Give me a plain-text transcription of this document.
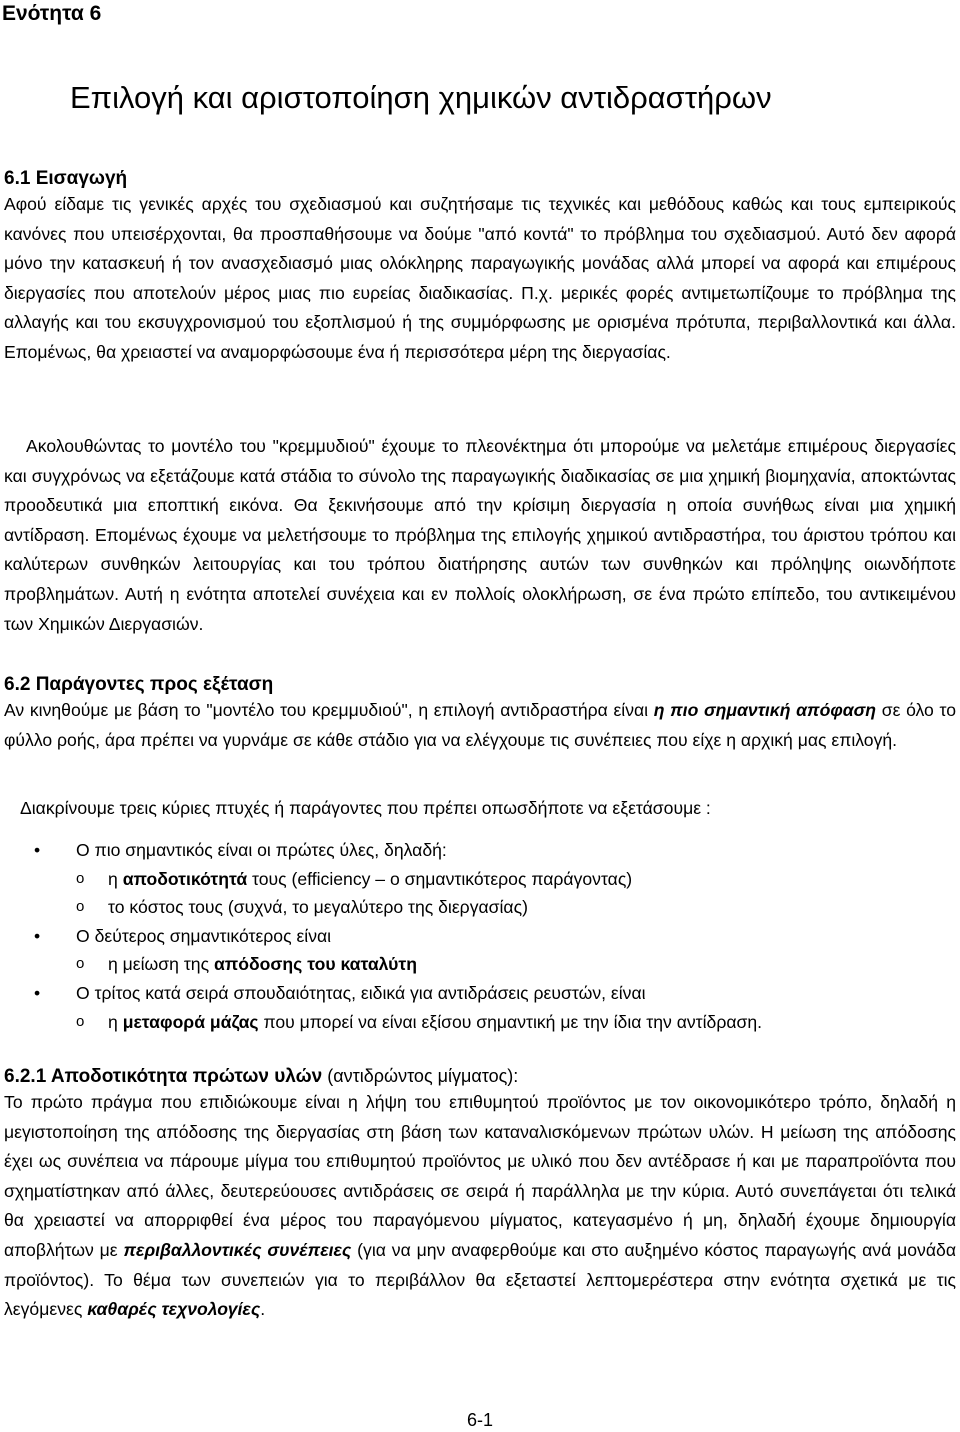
Ενότητα 6
Επιλογή και αριστοποίηση χημικών αντιδραστήρων
6.1 Εισαγωγή

Αφού είδαμε τις γενικές αρχές του σχεδιασμού και συζητήσαμε τις τεχνικές και μεθόδους καθώς και τους εμπειρικούς κανόνες που υπεισέρχονται, θα προσπαθήσουμε να δούμε "από κοντά" το πρόβλημα του σχεδιασμού. Αυτό δεν αφορά μόνο την κατασκευή ή τον ανασχεδιασμό μιας ολόκληρης παραγωγικής μονάδας αλλά μπορεί να αφορά και επιμέρους διεργασίες που αποτελούν μέρος μιας πιο ευρείας διαδικασίας. Π.χ. μερικές φορές αντιμετωπίζουμε το πρόβλημα της αλλαγής και του εκσυγχρονισμού του εξοπλισμού ή της συμμόρφωσης με ορισμένα πρότυπα, περιβαλλοντικά και άλλα. Επομένως, θα χρειαστεί να αναμορφώσουμε ένα ή περισσότερα μέρη της διεργασίας.

Ακολουθώντας το μοντέλο του "κρεμμυδιού" έχουμε το πλεονέκτημα ότι μπορούμε να μελετάμε επιμέρους διεργασίες και συγχρόνως να εξετάζουμε κατά στάδια το σύνολο της παραγωγικής διαδικασίας σε μια χημική βιομηχανία, αποκτώντας προοδευτικά μια εποπτική εικόνα. Θα ξεκινήσουμε από την κρίσιμη διεργασία η οποία συνήθως είναι μια χημική αντίδραση. Επομένως έχουμε να μελετήσουμε το πρόβλημα της επιλογής χημικού αντιδραστήρα, του άριστου τρόπου και καλύτερων συνθηκών λειτουργίας και του τρόπου διατήρησης αυτών των συνθηκών και πρόληψης οιωνδήποτε προβλημάτων. Αυτή η ενότητα αποτελεί συνέχεια και εν πολλοίς ολοκλήρωση, σε ένα πρώτο επίπεδο, του αντικειμένου των Χημικών Διεργασιών.

6.2 Παράγοντες προς εξέταση

Αν κινηθούμε με βάση το "μοντέλο του κρεμμυδιού", η επιλογή αντιδραστήρα είναι η πιο σημαντική απόφαση σε όλο το φύλλο ροής, άρα πρέπει να γυρνάμε σε κάθε στάδιο για να ελέγχουμε τις συνέπειες που είχε η αρχική μας επιλογή.

Διακρίνουμε τρεις κύριες πτυχές ή παράγοντες που πρέπει οπωσδήποτε να εξετάσουμε :
• Ο πιο σημαντικός είναι οι πρώτες ύλες, δηλαδή:
o η αποδοτικότητά τους (efficiency – ο σημαντικότερος παράγοντας)
o το κόστος τους (συχνά, το μεγαλύτερο της διεργασίας)
• Ο δεύτερος σημαντικότερος είναι
o η μείωση της απόδοσης του καταλύτη
• Ο τρίτος κατά σειρά σπουδαιότητας, ειδικά για αντιδράσεις ρευστών, είναι
o η μεταφορά μάζας που μπορεί να είναι εξίσου σημαντική με την ίδια την αντίδραση.
6.2.1 Αποδοτικότητα πρώτων υλών (αντιδρώντος μίγματος):

Το πρώτο πράγμα που επιδιώκουμε είναι η λήψη του επιθυμητού προϊόντος με τον οικονομικότερο τρόπο, δηλαδή η μεγιστοποίηση της απόδοσης της διεργασίας στη βάση των καταναλισκόμενων πρώτων υλών. Η μείωση της απόδοσης έχει ως συνέπεια να πάρουμε μίγμα του επιθυμητού προϊόντος με υλικό που δεν αντέδρασε ή και με παραπροϊόντα που σχηματίστηκαν από άλλες, δευτερεύουσες αντιδράσεις σε σειρά ή παράλληλα με την κύρια. Αυτό συνεπάγεται ότι τελικά θα χρειαστεί να απορριφθεί ένα μέρος του παραγόμενου μίγματος, κατεγασμένο ή μη, δηλαδή έχουμε δημιουργία αποβλήτων με περιβαλλοντικές συνέπειες (για να μην αναφερθούμε και στο αυξημένο κόστος παραγωγής ανά μονάδα προϊόντος). Το θέμα των συνεπειών για το περιβάλλον θα εξεταστεί λεπτομερέστερα στην ενότητα σχετικά με τις λεγόμενες καθαρές τεχνολογίες.

6-1
